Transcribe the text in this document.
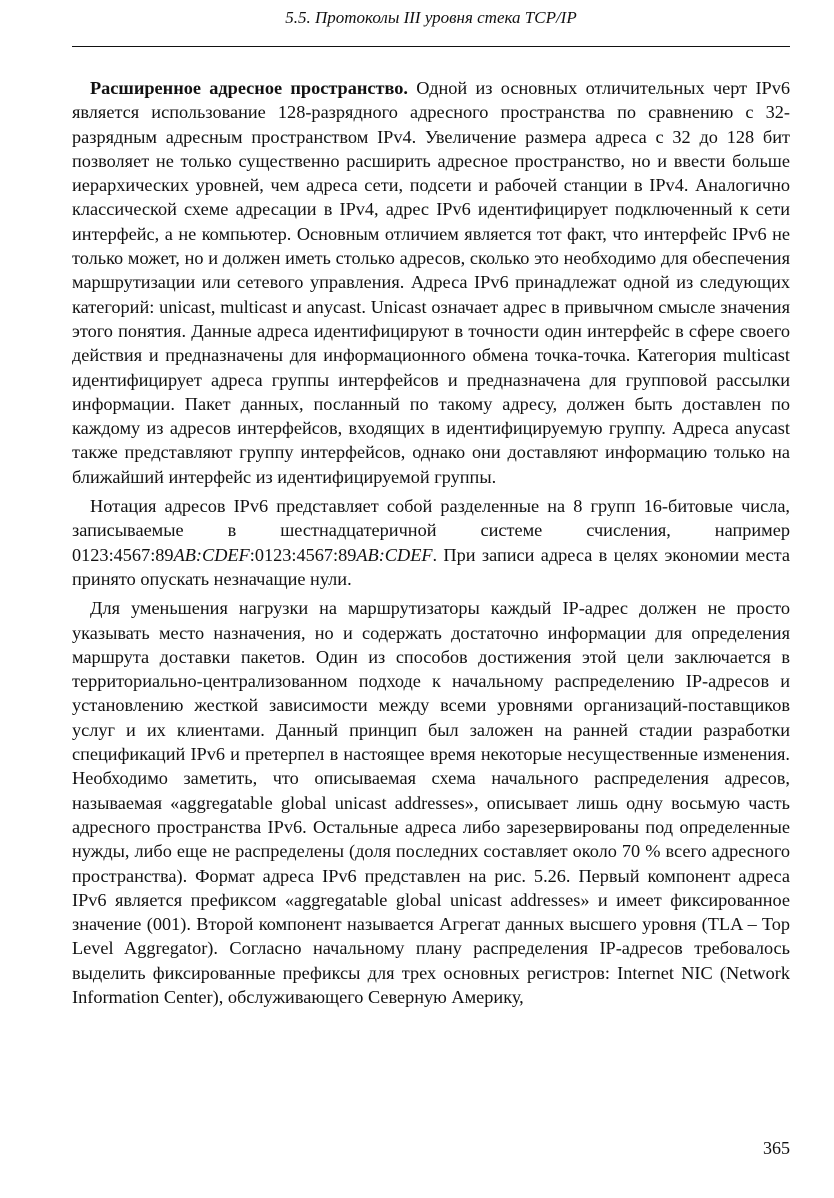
5.5. Протоколы III уровня стека TCP/IP

Расширенное адресное пространство. Одной из основных отличительных черт IPv6 является использование 128-разрядного адресного пространства по сравнению с 32-разрядным адресным пространством IPv4. Увеличение размера адреса с 32 до 128 бит позволяет не только существенно расширить адресное пространство, но и ввести больше иерархических уровней, чем адреса сети, подсети и рабочей станции в IPv4. Аналогично классической схеме адресации в IPv4, адрес IPv6 идентифицирует подключенный к сети интерфейс, а не компьютер. Основным отличием является тот факт, что интерфейс IPv6 не только может, но и должен иметь столько адресов, сколько это необходимо для обеспечения маршрутизации или сетевого управления. Адреса IPv6 принадлежат одной из следующих категорий: unicast, multicast и anycast. Unicast означает адрес в привычном смысле значения этого понятия. Данные адреса идентифицируют в точности один интерфейс в сфере своего действия и предназначены для информационного обмена точка-точка. Категория multicast идентифицирует адреса группы интерфейсов и предназначена для групповой рассылки информации. Пакет данных, посланный по такому адресу, должен быть доставлен по каждому из адресов интерфейсов, входящих в идентифицируемую группу. Адреса anycast также представляют группу интерфейсов, однако они доставляют информацию только на ближайший интерфейс из идентифицируемой группы.

Нотация адресов IPv6 представляет собой разделенные на 8 групп 16-битовые числа, записываемые в шестнадцатеричной системе счисления, например 0123:4567:89AB:CDEF:0123:4567:89AB:CDEF. При записи адреса в целях экономии места принято опускать незначащие нули.

Для уменьшения нагрузки на маршрутизаторы каждый IP-адрес должен не просто указывать место назначения, но и содержать достаточно информации для определения маршрута доставки пакетов. Один из способов достижения этой цели заключается в территориально-централизованном подходе к начальному распределению IP-адресов и установлению жесткой зависимости между всеми уровнями организаций-поставщиков услуг и их клиентами. Данный принцип был заложен на ранней стадии разработки спецификаций IPv6 и претерпел в настоящее время некоторые несущественные изменения. Необходимо заметить, что описываемая схема начального распределения адресов, называемая «aggregatable global unicast addresses», описывает лишь одну восьмую часть адресного пространства IPv6. Остальные адреса либо зарезервированы под определенные нужды, либо еще не распределены (доля последних составляет около 70 % всего адресного пространства). Формат адреса IPv6 представлен на рис. 5.26. Первый компонент адреса IPv6 является префиксом «aggregatable global unicast addresses» и имеет фиксированное значение (001). Второй компонент называется Агрегат данных высшего уровня (TLA – Top Level Aggregator). Согласно начальному плану распределения IP-адресов требовалось выделить фиксированные префиксы для трех основных регистров: Internet NIC (Network Information Center), обслуживающего Северную Америку,

365
